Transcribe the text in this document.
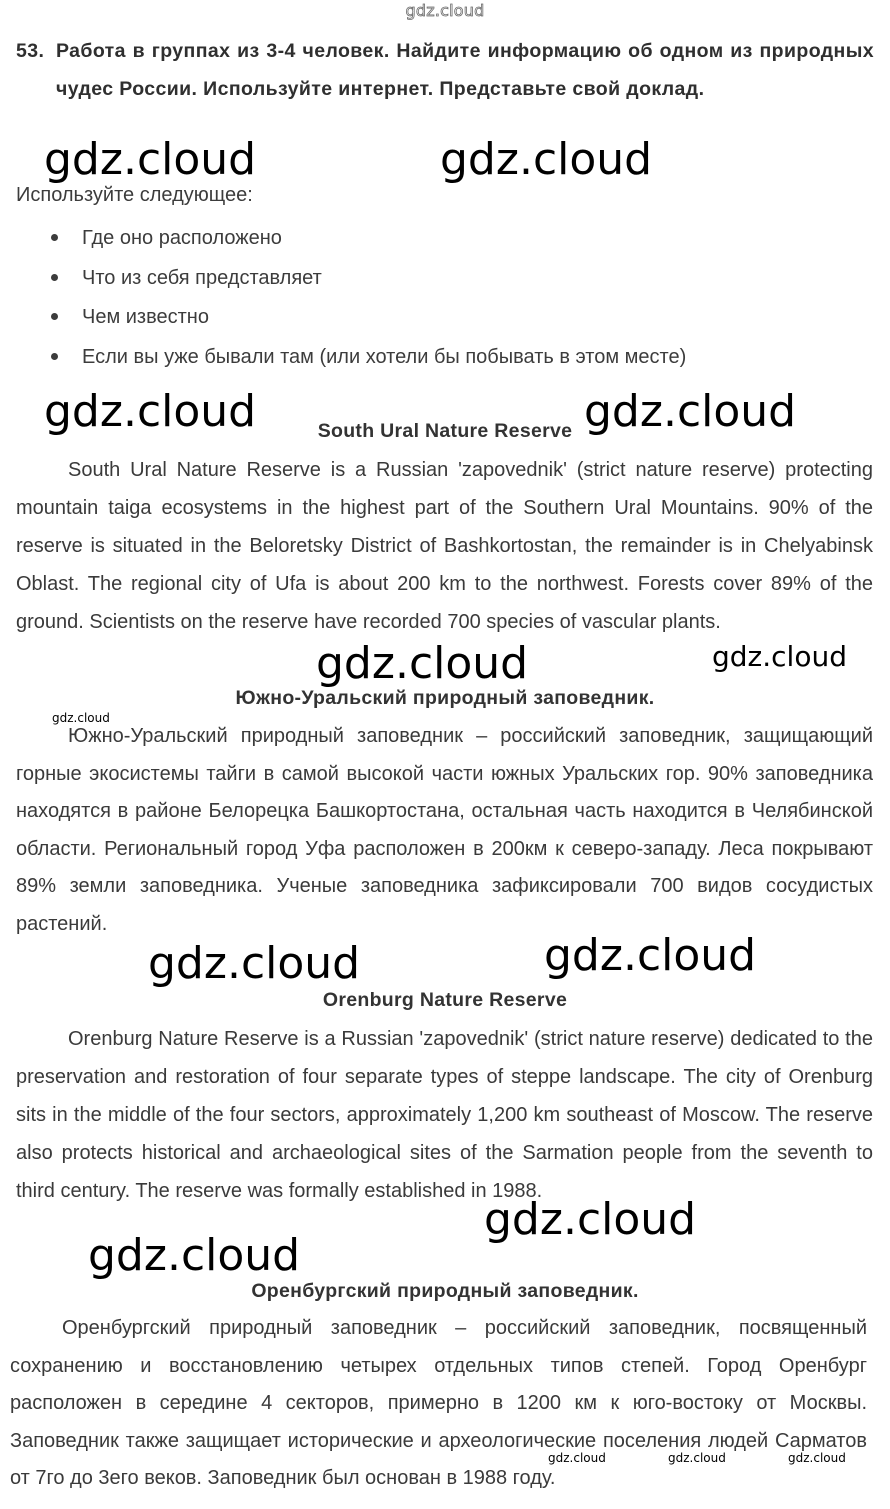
gdz.cloud
53. Работа в группах из 3-4 человек. Найдите информацию об одном из природных чудес России. Используйте интернет. Представьте свой доклад.
Используйте следующее:
Где оно расположено
Что из себя представляет
Чем известно
Если вы уже бывали там (или хотели бы побывать в этом месте)
South Ural Nature Reserve

South Ural Nature Reserve is a Russian 'zapovednik' (strict nature reserve) protecting mountain taiga ecosystems in the highest part of the Southern Ural Mountains. 90% of the reserve is situated in the Beloretsky District of Bashkortostan, the remainder is in Chelyabinsk Oblast. The regional city of Ufa is about 200 km to the northwest. Forests cover 89% of the ground. Scientists on the reserve have recorded 700 species of vascular plants.

Южно-Уральский природный заповедник.

Южно-Уральский природный заповедник – российский заповедник, защищающий горные экосистемы тайги в самой высокой части южных Уральских гор. 90% заповедника находятся в районе Белорецка Башкортостана, остальная часть находится в Челябинской области. Региональный город Уфа расположен в 200км к северо-западу. Леса покрывают 89% земли заповедника. Ученые заповедника зафиксировали 700 видов сосудистых растений.

Orenburg Nature Reserve

Orenburg Nature Reserve is a Russian 'zapovednik' (strict nature reserve) dedicated to the preservation and restoration of four separate types of steppe landscape. The city of Orenburg sits in the middle of the four sectors, approximately 1,200 km southeast of Moscow. The reserve also protects historical and archaeological sites of the Sarmation people from the seventh to third century. The reserve was formally established in 1988.

Оренбургский природный заповедник.

Оренбургский природный заповедник – российский заповедник, посвященный сохранению и восстановлению четырех отдельных типов степей. Город Оренбург расположен в середине 4 секторов, примерно в 1200 км к юго-востоку от Москвы. Заповедник также защищает исторические и археологические поселения людей Сарматов от 7го до 3его веков. Заповедник был основан в 1988 году.

gdz.cloud	gdz.cloud
gdz.cloud	gdz.cloud
gdz.cloud	gdz.cloud
gdz.cloud
gdz.cloud	gdz.cloud
gdz.cloud
gdz.cloud
gdz.cloud	gdz.cloud	gdz.cloud
